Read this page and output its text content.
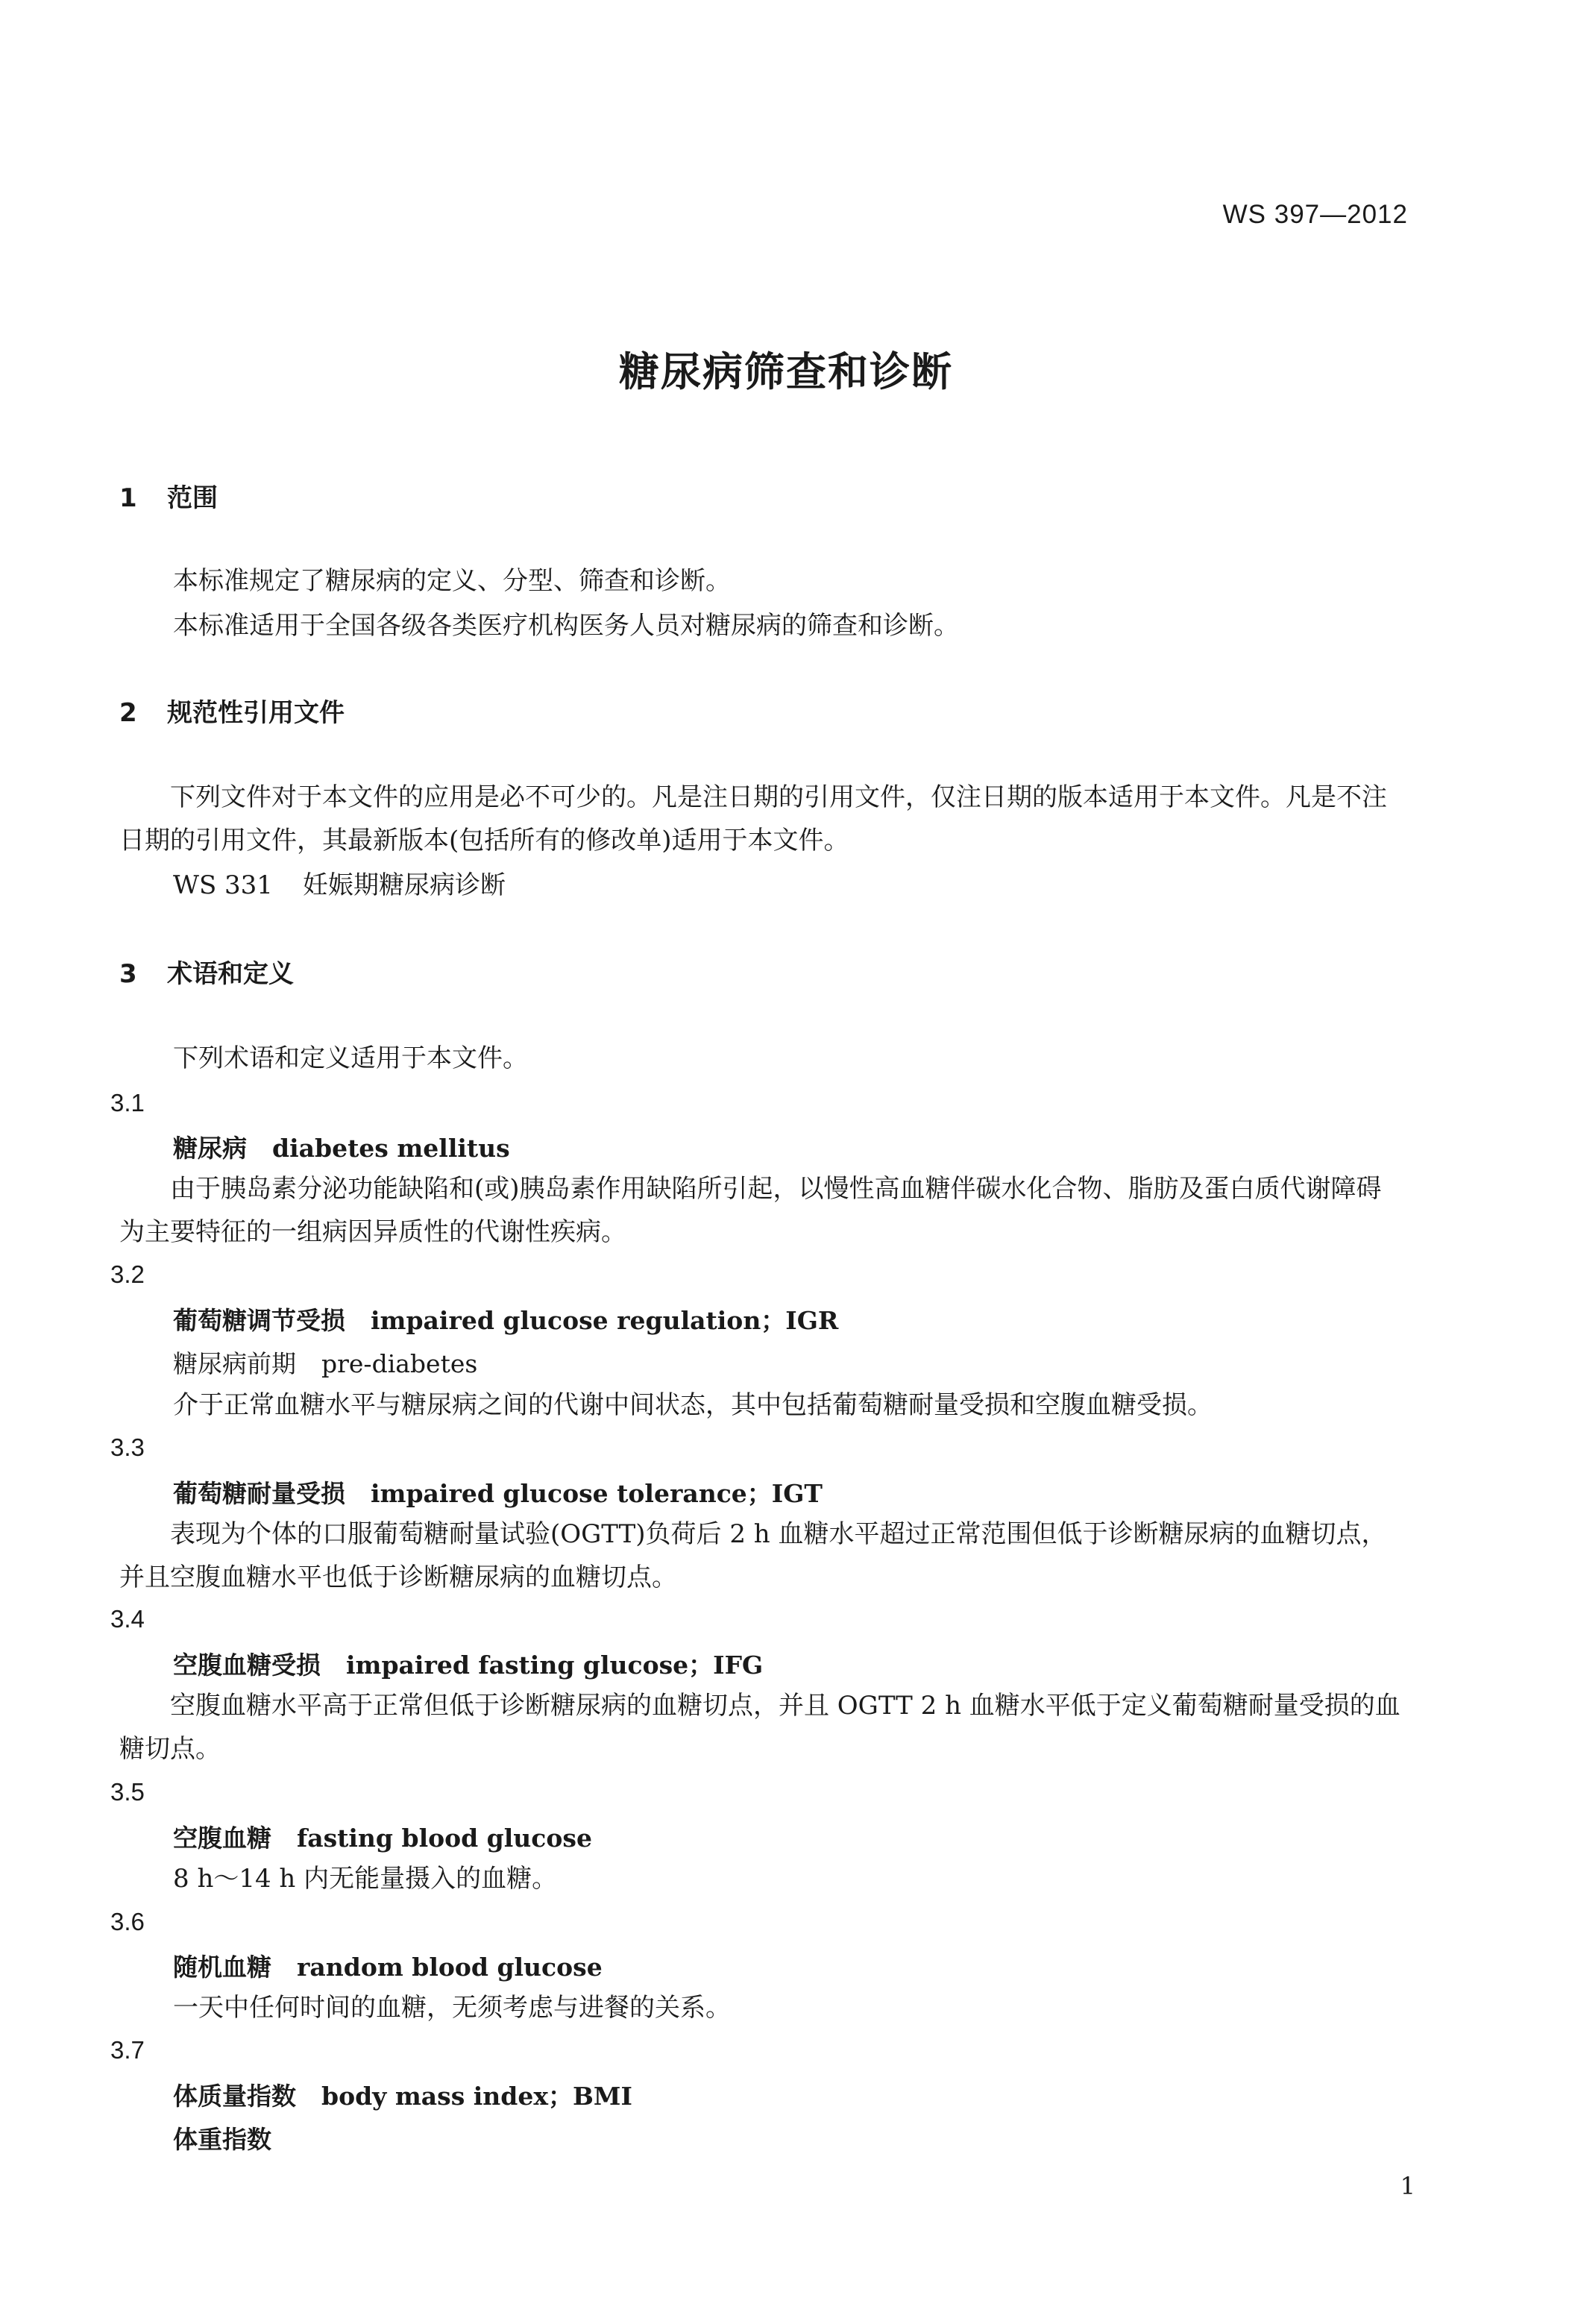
WS 397—2012
糖尿病筛查和诊断
1 范围
本标准规定了糖尿病的定义、分型、筛查和诊断。
本标准适用于全国各级各类医疗机构医务人员对糖尿病的筛查和诊断。
2 规范性引用文件
下列文件对于本文件的应用是必不可少的。凡是注日期的引用文件，仅注日期的版本适用于本文件。凡是不注日期的引用文件，其最新版本(包括所有的修改单)适用于本文件。
WS 331 妊娠期糖尿病诊断
3 术语和定义
下列术语和定义适用于本文件。
3.1
糖尿病 diabetes mellitus
由于胰岛素分泌功能缺陷和(或)胰岛素作用缺陷所引起，以慢性高血糖伴碳水化合物、脂肪及蛋白质代谢障碍为主要特征的一组病因异质性的代谢性疾病。
3.2
葡萄糖调节受损 impaired glucose regulation；IGR
糖尿病前期 pre-diabetes
介于正常血糖水平与糖尿病之间的代谢中间状态，其中包括葡萄糖耐量受损和空腹血糖受损。
3.3
葡萄糖耐量受损 impaired glucose tolerance；IGT
表现为个体的口服葡萄糖耐量试验(OGTT)负荷后 2 h 血糖水平超过正常范围但低于诊断糖尿病的血糖切点，并且空腹血糖水平也低于诊断糖尿病的血糖切点。
3.4
空腹血糖受损 impaired fasting glucose；IFG
空腹血糖水平高于正常但低于诊断糖尿病的血糖切点，并且 OGTT 2 h 血糖水平低于定义葡萄糖耐量受损的血糖切点。
3.5
空腹血糖 fasting blood glucose
8 h～14 h 内无能量摄入的血糖。
3.6
随机血糖 random blood glucose
一天中任何时间的血糖，无须考虑与进餐的关系。
3.7
体质量指数 body mass index；BMI
体重指数
1
